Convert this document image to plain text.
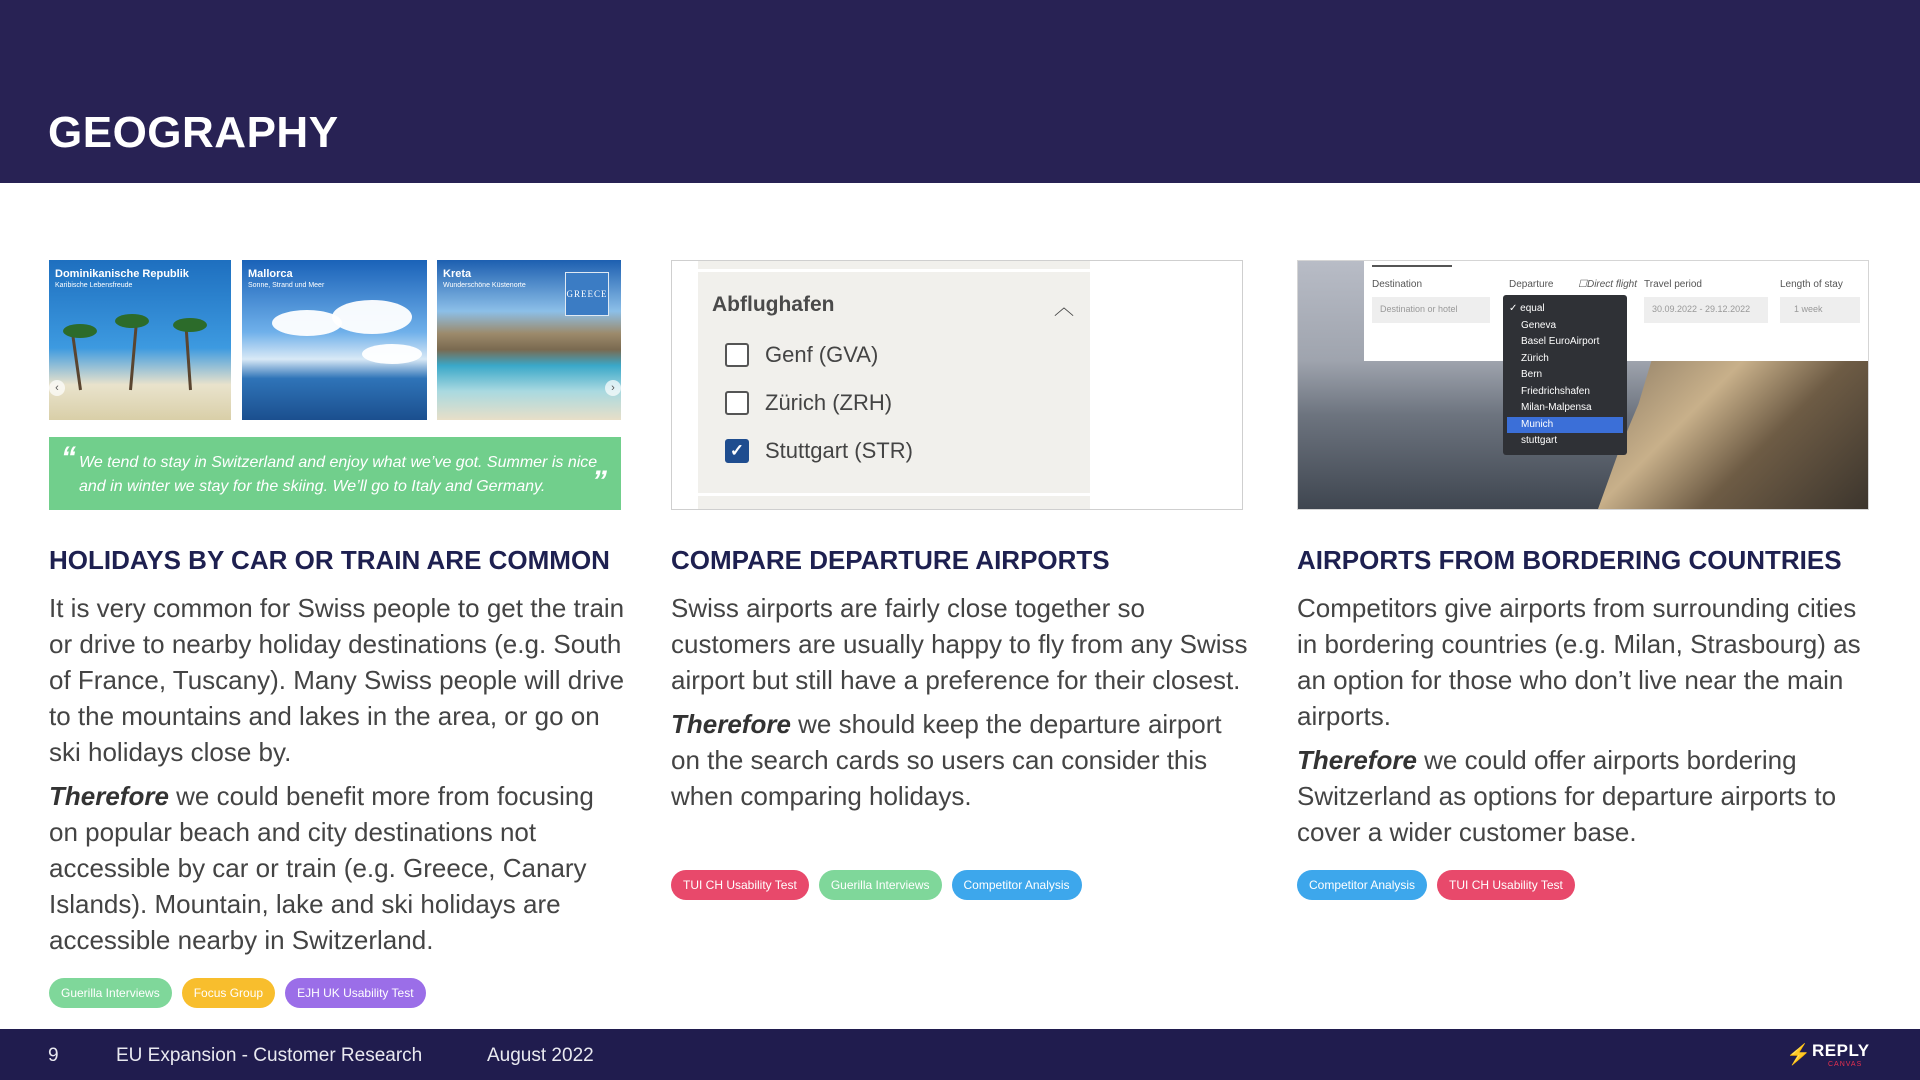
GEOGRAPHY
‹
Dominikanische Republik
Karibische Lebensfreude
Mallorca
Sonne, Strand und Meer
GREECE
›
Kreta
Wunderschöne Küstenorte
“ We tend to stay in Switzerland and enjoy what we’ve got. Summer is nice and in winter we stay for the skiing. We’ll go to Italy and Germany.	”
HOLIDAYS BY CAR OR TRAIN ARE COMMON

It is very common for Swiss people to get the train or drive to nearby holiday destinations (e.g. South of France, Tuscany). Many Swiss people will drive to the mountains and lakes in the area, or go on ski holidays close by.

Therefore we could benefit more from focusing on popular beach and city destinations not accessible by car or train (e.g. Greece, Canary Islands). Mountain, lake and ski holidays are accessible nearby in Switzerland.

Guerilla Interviews	Focus Group	EJH UK Usability Test
Abflughafen	︿
Genf (GVA)
Zürich (ZRH)
✓ Stuttgart (STR)
COMPARE DEPARTURE AIRPORTS

Swiss airports are fairly close together so customers are usually happy to fly from any Swiss airport but still have a preference for their closest.

Therefore we should keep the departure airport on the search cards so users can consider this when comparing holidays.

TUI CH Usability Test	Guerilla Interviews	Competitor Analysis
Destination
Destination or hotel
Departure ☐Direct flight Travel period
30.09.2022 - 29.12.2022
Length of stay
1 week
✓ equal
Geneva
Basel EuroAirport
Zürich
Bern
Friedrichshafen
Milan-Malpensa
Munich
stuttgart
AIRPORTS FROM BORDERING COUNTRIES

Competitors give airports from surrounding cities in bordering countries (e.g. Milan, Strasbourg) as an option for those who don’t live near the main airports.

Therefore we could offer airports bordering Switzerland as options for departure airports to cover a wider customer base.

Competitor Analysis	TUI CH Usability Test
9	EU Expansion - Customer Research	August 2022	⚡ REPLY
CANVAS
